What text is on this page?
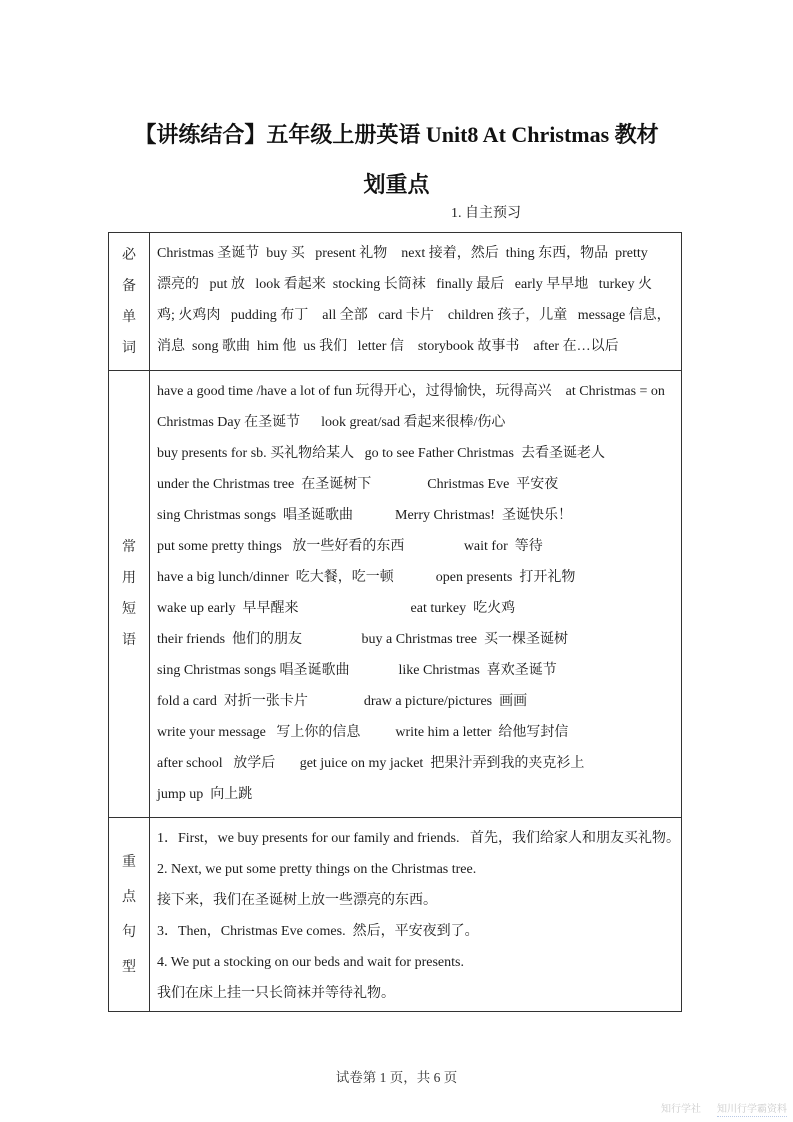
【讲练结合】五年级上册英语 Unit8 At Christmas 教材
划重点
1. 自主预习
必
备
单
词
Christmas 圣诞节  buy 买   present 礼物    next 接着，然后  thing 东西，物品  pretty
漂亮的   put 放   look 看起来  stocking 长筒袜   finally 最后   early 早早地   turkey 火
鸡; 火鸡肉   pudding 布丁    all 全部   card 卡片    children 孩子，儿童   message 信息，
消息  song 歌曲  him 他  us 我们   letter 信    storybook 故事书    after 在…以后
常
用
短
语
have a good time /have a lot of fun 玩得开心，过得愉快，玩得高兴    at Christmas = on
Christmas Day 在圣诞节      look great/sad 看起来很棒/伤心
buy presents for sb. 买礼物给某人   go to see Father Christmas  去看圣诞老人
under the Christmas tree  在圣诞树下                Christmas Eve  平安夜
sing Christmas songs  唱圣诞歌曲            Merry Christmas!  圣诞快乐！
put some pretty things   放一些好看的东西                 wait for  等待
have a big lunch/dinner  吃大餐，吃一顿            open presents  打开礼物
wake up early  早早醒来                                eat turkey  吃火鸡
their friends  他们的朋友                 buy a Christmas tree  买一棵圣诞树
sing Christmas songs 唱圣诞歌曲              like Christmas  喜欢圣诞节
fold a card  对折一张卡片                draw a picture/pictures  画画
write your message   写上你的信息          write him a letter  给他写封信
after school   放学后       get juice on my jacket  把果汁弄到我的夹克衫上
jump up  向上跳
重
点
句
型
1．First，we buy presents for our family and friends.   首先，我们给家人和朋友买礼物。
2. Next, we put some pretty things on the Christmas tree.
接下来，我们在圣诞树上放一些漂亮的东西。
3．Then，Christmas Eve comes.  然后，平安夜到了。
4. We put a stocking on our beds and wait for presents.
我们在床上挂一只长筒袜并等待礼物。
试卷第 1 页，共 6 页
知行学社 知川行学霸资料
